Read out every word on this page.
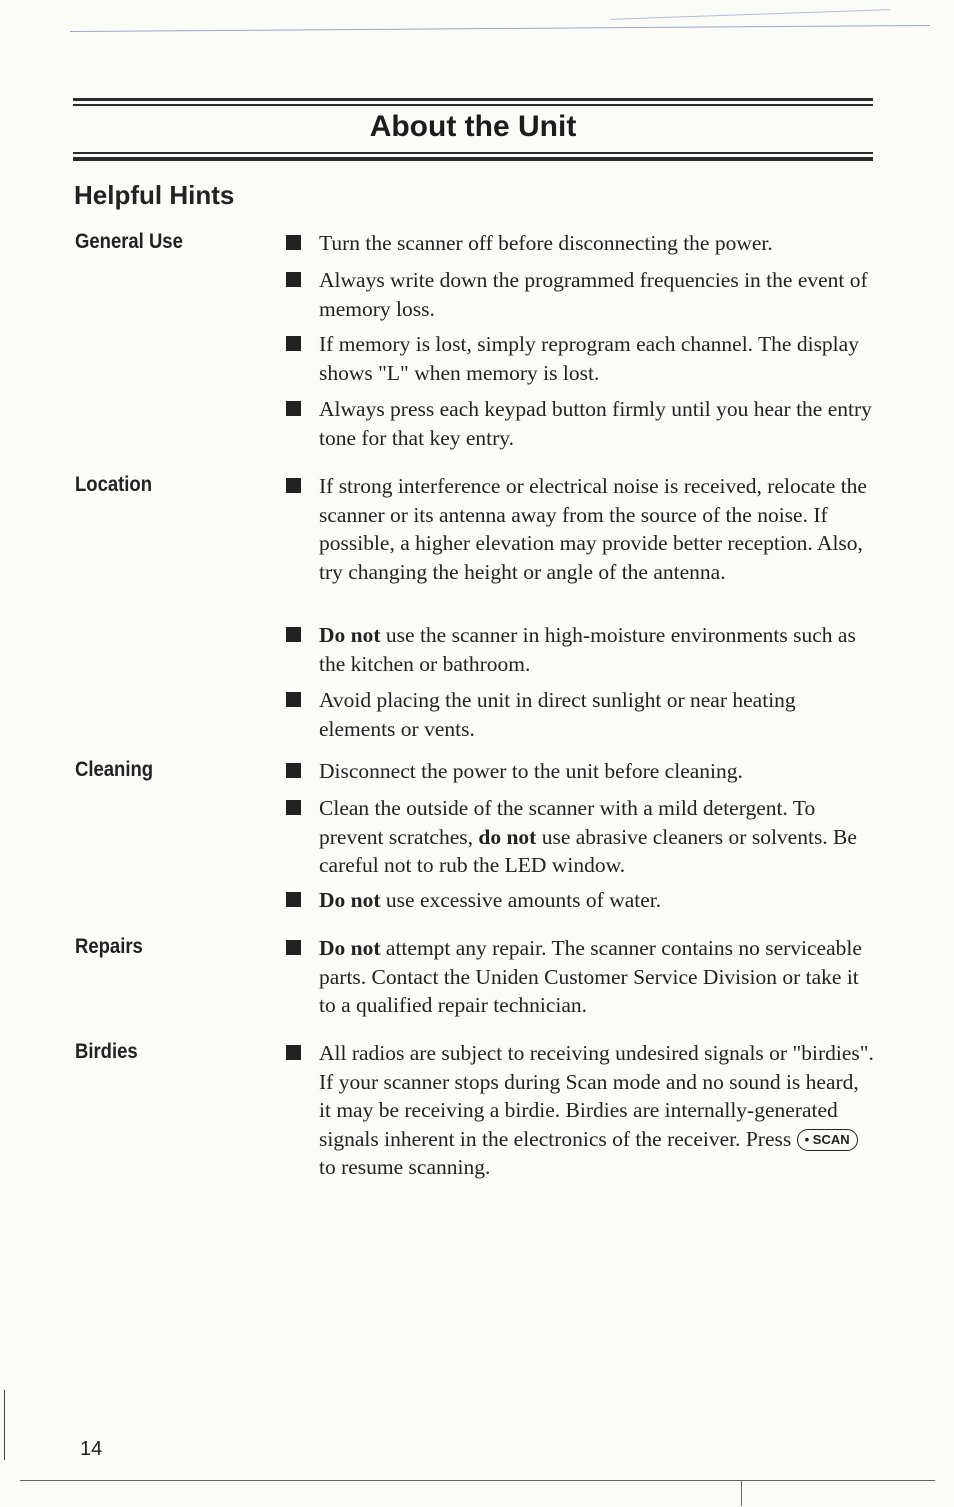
About the Unit
Helpful Hints
General Use	Turn the scanner off before disconnecting the power.
Always write down the programmed frequencies in the event of memory loss.
If memory is lost, simply reprogram each channel. The display shows "L" when memory is lost.
Always press each keypad button firmly until you hear the entry tone for that key entry.
Location	If strong interference or electrical noise is received, relocate the scanner or its antenna away from the source of the noise. If possible, a higher elevation may provide better reception. Also, try changing the height or angle of the antenna.
Do not use the scanner in high-moisture environments such as the kitchen or bathroom.
Avoid placing the unit in direct sunlight or near heating elements or vents.
Cleaning	Disconnect the power to the unit before cleaning.
Clean the outside of the scanner with a mild detergent. To prevent scratches, do not use abrasive cleaners or solvents. Be careful not to rub the LED window.
Do not use excessive amounts of water.
Repairs	Do not attempt any repair. The scanner contains no serviceable parts. Contact the Uniden Customer Service Division or take it to a qualified repair technician.
Birdies	All radios are subject to receiving undesired signals or "birdies". If your scanner stops during Scan mode and no sound is heard, it may be receiving a birdie. Birdies are internally-generated signals inherent in the electronics of the receiver. Press • SCAN to resume scanning.
14
